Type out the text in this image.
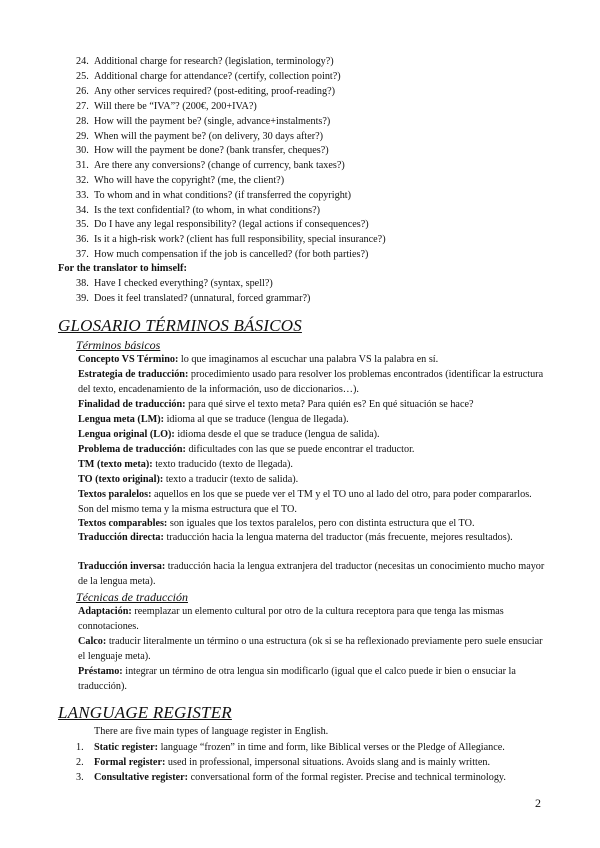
24. Additional charge for research? (legislation, terminology?)
25. Additional charge for attendance? (certify, collection point?)
26. Any other services required? (post-editing, proof-reading?)
27. Will there be “IVA”? (200€, 200+IVA?)
28. How will the payment be? (single, advance+instalments?)
29. When will the payment be? (on delivery, 30 days after?)
30. How will the payment be done? (bank transfer, cheques?)
31. Are there any conversions? (change of currency, bank taxes?)
32. Who will have the copyright? (me, the client?)
33. To whom and in what conditions? (if transferred the copyright)
34. Is the text confidential? (to whom, in what conditions?)
35. Do I have any legal responsibility? (legal actions if consequences?)
36. Is it a high-risk work? (client has full responsibility, special insurance?)
37. How much compensation if the job is cancelled? (for both parties?)
For the translator to himself:
38. Have I checked everything? (syntax, spell?)
39. Does it feel translated? (unnatural, forced grammar?)
GLOSARIO TÉRMINOS BÁSICOS
Términos básicos
Concepto VS Término: lo que imaginamos al escuchar una palabra VS la palabra en sí.
Estrategia de traducción: procedimiento usado para resolver los problemas encontrados (identificar la estructura del texto, encadenamiento de la información, uso de diccionarios…).
Finalidad de traducción: para qué sirve el texto meta? Para quién es? En qué situación se hace?
Lengua meta (LM): idioma al que se traduce (lengua de llegada).
Lengua original (LO): idioma desde el que se traduce (lengua de salida).
Problema de traducción: dificultades con las que se puede encontrar el traductor.
TM (texto meta): texto traducido (texto de llegada).
TO (texto original): texto a traducir (texto de salida).
Textos paralelos: aquellos en los que se puede ver el TM y el TO uno al lado del otro, para poder compararlos. Son del mismo tema y la misma estructura que el TO.
Textos comparables: son iguales que los textos paralelos, pero con distinta estructura que el TO.
Traducción directa: traducción hacia la lengua materna del traductor (más frecuente, mejores resultados).
Traducción inversa: traducción hacia la lengua extranjera del traductor (necesitas un conocimiento mucho mayor de la lengua meta).
Técnicas de traducción
Adaptación: reemplazar un elemento cultural por otro de la cultura receptora para que tenga las mismas connotaciones.
Calco: traducir literalmente un término o una estructura (ok si se ha reflexionado previamente pero suele ensuciar el lenguaje meta).
Préstamo: integrar un término de otra lengua sin modificarlo (igual que el calco puede ir bien o ensuciar la traducción).
LANGUAGE REGISTER
There are five main types of language register in English.
1. Static register: language “frozen” in time and form, like Biblical verses or the Pledge of Allegiance.
2. Formal register: used in professional, impersonal situations. Avoids slang and is mainly written.
3. Consultative register: conversational form of the formal register. Precise and technical terminology.
2
